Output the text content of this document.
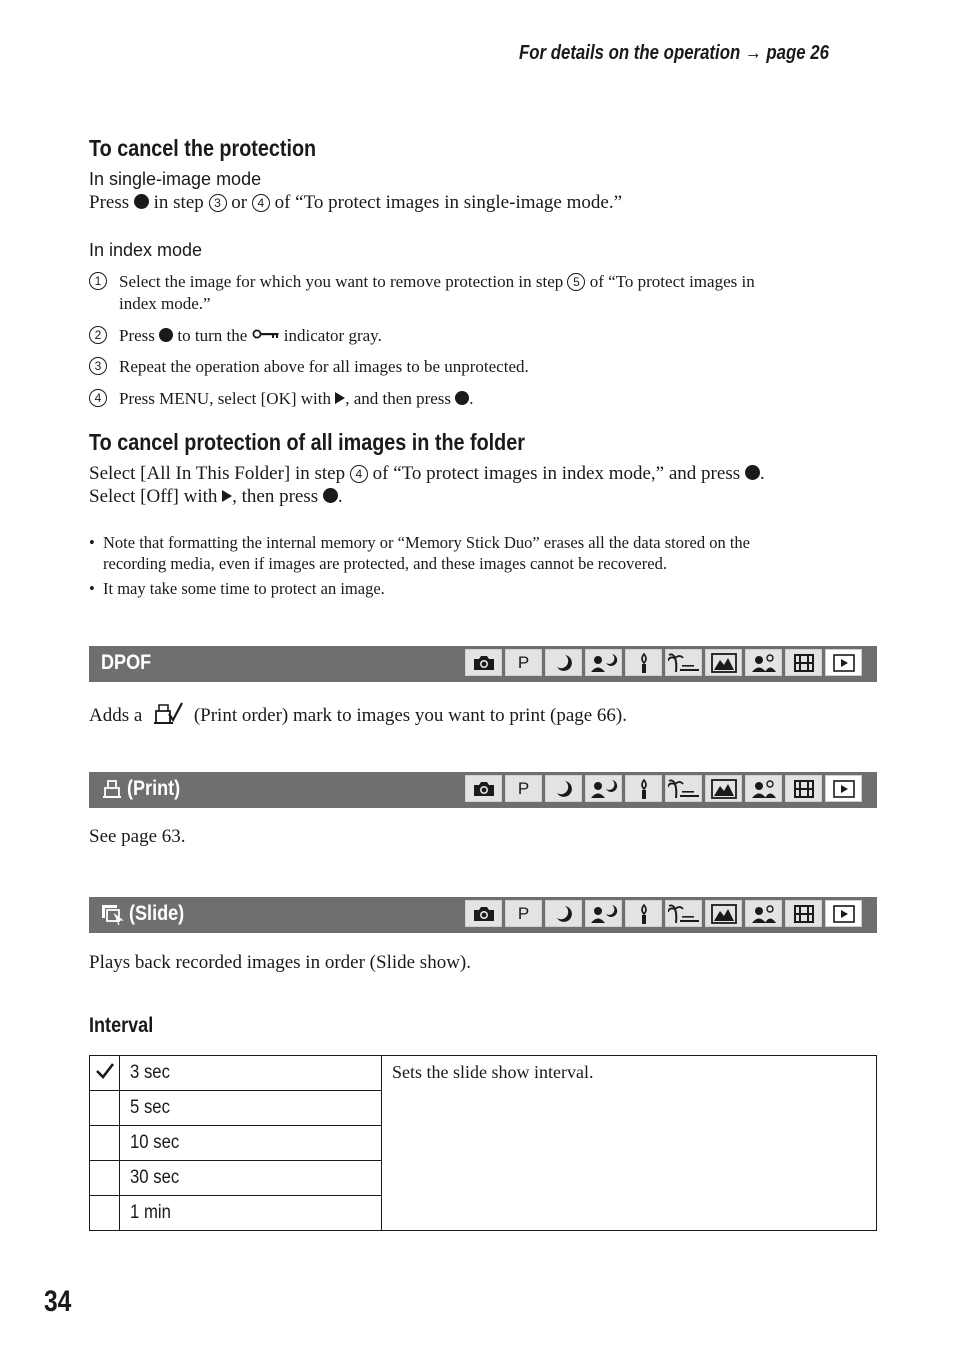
For details on the operation → page 26
To cancel the protection
In single-image mode
Press in step 3 or 4 of “To protect images in single-image mode.”
In index mode
1	Select the image for which you want to remove protection in step 5 of “To protect images in
index mode.”
2	Press to turn the indicator gray.
3	Repeat the operation above for all images to be unprotected.
4	Press MENU, select [OK] with , and then press .
To cancel protection of all images in the folder
Select [All In This Folder] in step 4 of “To protect images in index mode,” and press .
Select [Off] with , then press .
• Note that formatting the internal memory or “Memory Stick Duo” erases all the data stored on the
recording media, even if images are protected, and these images cannot be recovered.
• It may take some time to protect an image.
DPOF	P
Adds a	(Print order) mark to images you want to print (page 66).
(Print)	P
See page 63.
(Slide)	P
Plays back recorded images in order (Slide show).
Interval
	3 sec	Sets the slide show interval.
	5 sec	
	10 sec	
	30 sec	
	1 min	
34
